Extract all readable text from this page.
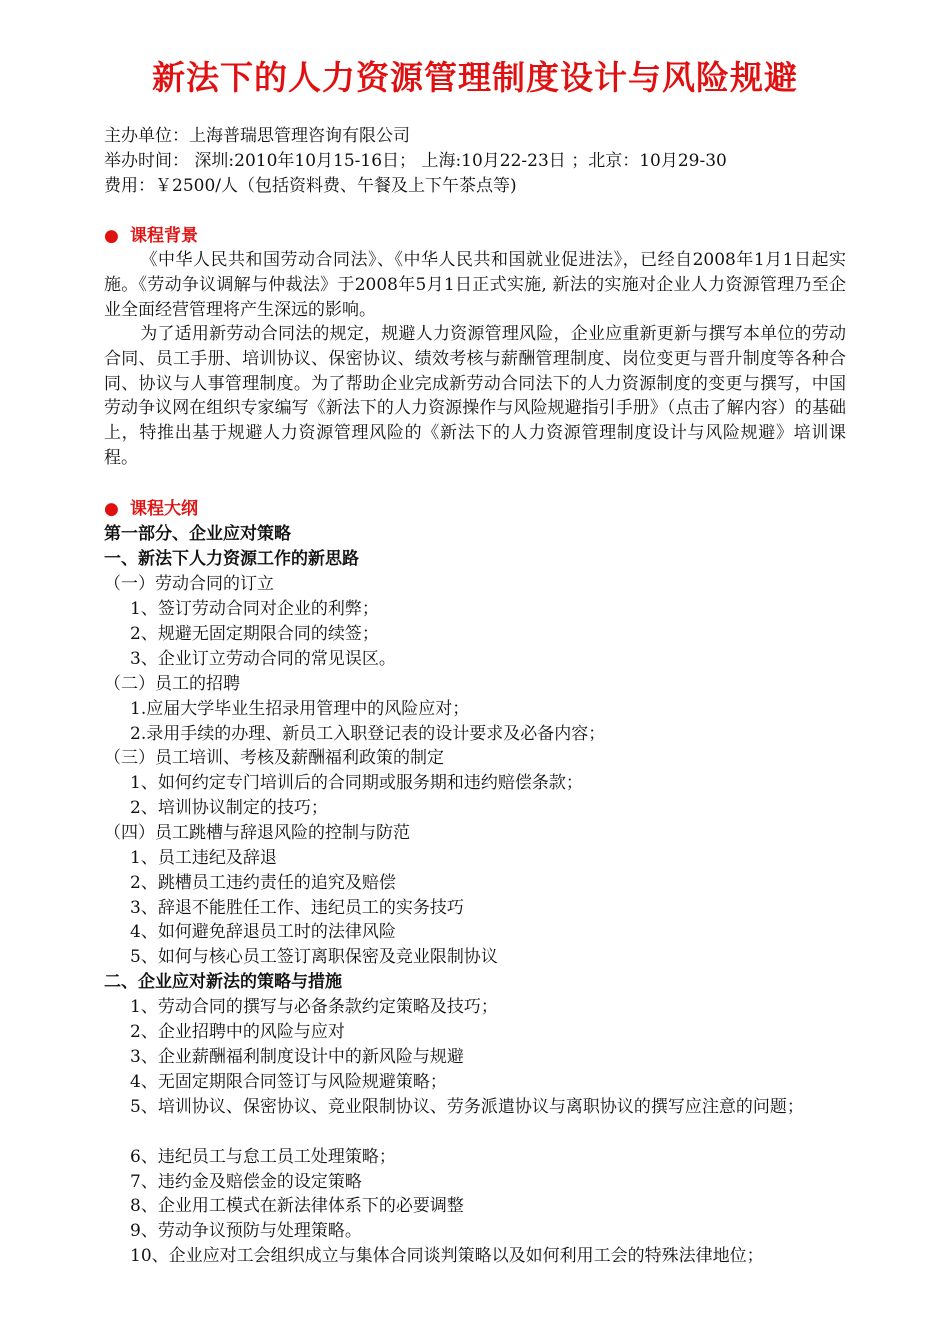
新法下的人力资源管理制度设计与风险规避
主办单位：上海普瑞思管理咨询有限公司
举办时间： 深圳:2010年10月15-16日； 上海:10月22-23日 ；北京：10月29-30
费用：￥2500/人（包括资料费、午餐及上下午茶点等)
● 课程背景
《中华人民共和国劳动合同法》、《中华人民共和国就业促进法》，已经自2008年1月1日起实施。《劳动争议调解与仲裁法》于2008年5月1日正式实施, 新法的实施对企业人力资源管理乃至企业全面经营管理将产生深远的影响。
为了适用新劳动合同法的规定，规避人力资源管理风险，企业应重新更新与撰写本单位的劳动合同、员工手册、培训协议、保密协议、绩效考核与薪酬管理制度、岗位变更与晋升制度等各种合同、协议与人事管理制度。为了帮助企业完成新劳动合同法下的人力资源制度的变更与撰写，中国劳动争议网在组织专家编写《新法下的人力资源操作与风险规避指引手册》（点击了解内容）的基础上，特推出基于规避人力资源管理风险的《新法下的人力资源管理制度设计与风险规避》培训课程。
● 课程大纲
第一部分、企业应对策略
一、新法下人力资源工作的新思路
（一）劳动合同的订立
1、签订劳动合同对企业的利弊；
2、规避无固定期限合同的续签；
3、企业订立劳动合同的常见误区。
（二）员工的招聘
1.应届大学毕业生招录用管理中的风险应对；
2.录用手续的办理、新员工入职登记表的设计要求及必备内容；
（三）员工培训、考核及薪酬福利政策的制定
1、如何约定专门培训后的合同期或服务期和违约赔偿条款；
2、培训协议制定的技巧；
（四）员工跳槽与辞退风险的控制与防范
1、员工违纪及辞退
2、跳槽员工违约责任的追究及赔偿
3、辞退不能胜任工作、违纪员工的实务技巧
4、如何避免辞退员工时的法律风险
5、如何与核心员工签订离职保密及竞业限制协议
二、企业应对新法的策略与措施
1、劳动合同的撰写与必备条款约定策略及技巧；
2、企业招聘中的风险与应对
3、企业薪酬福利制度设计中的新风险与规避
4、无固定期限合同签订与风险规避策略；
5、培训协议、保密协议、竞业限制协议、劳务派遣协议与离职协议的撰写应注意的问题；
6、违纪员工与怠工员工处理策略；
7、违约金及赔偿金的设定策略
8、企业用工模式在新法律体系下的必要调整
9、劳动争议预防与处理策略。
10、企业应对工会组织成立与集体合同谈判策略以及如何利用工会的特殊法律地位；
